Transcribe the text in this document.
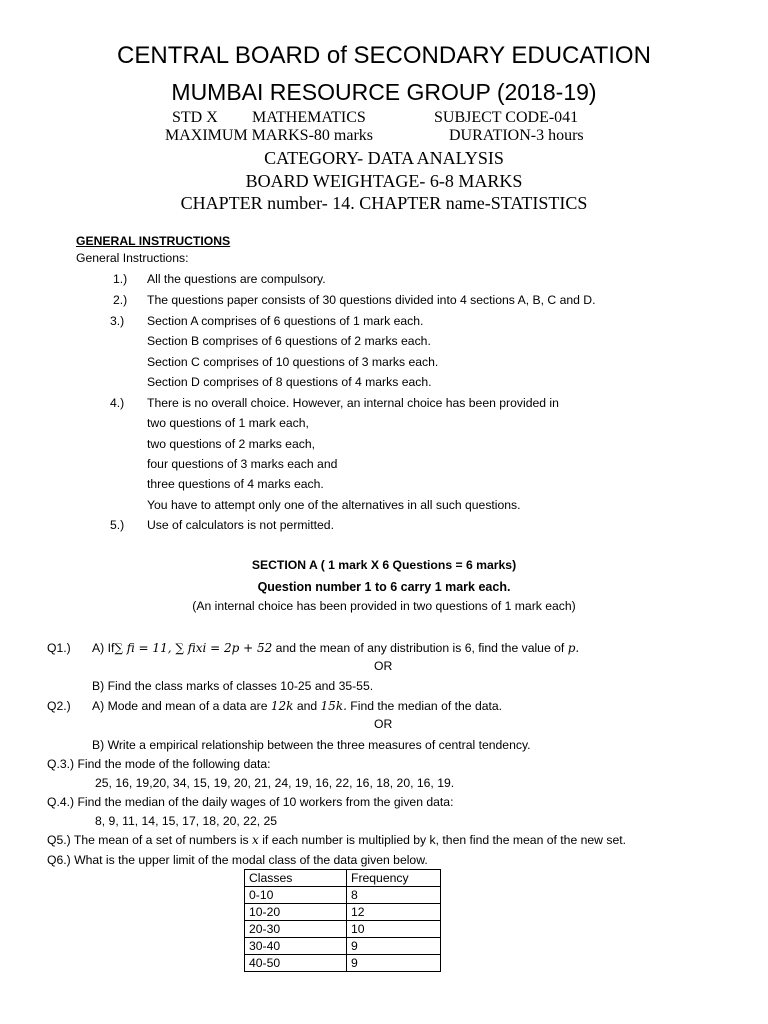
CENTRAL BOARD of SECONDARY EDUCATION
MUMBAI RESOURCE GROUP (2018-19)
STD X MATHEMATICS	SUBJECT CODE-041
MAXIMUM MARKS-80 marks	DURATION-3 hours
CATEGORY- DATA ANALYSIS
BOARD WEIGHTAGE- 6-8 MARKS
CHAPTER number- 14. CHAPTER name-STATISTICS
GENERAL INSTRUCTIONS
General Instructions:
1.) All the questions are compulsory.
2.) The questions paper consists of 30 questions divided into 4 sections A, B, C and D.
3.) Section A comprises of 6 questions of 1 mark each.
Section B comprises of 6 questions of 2 marks each.
Section C comprises of 10 questions of 3 marks each.
Section D comprises of 8 questions of 4 marks each.
4.) There is no overall choice. However, an internal choice has been provided in
two questions of 1 mark each,
two questions of 2 marks each,
four questions of 3 marks each and
three questions of 4 marks each.
You have to attempt only one of the alternatives in all such questions.
5.) Use of calculators is not permitted.
SECTION A ( 1 mark X 6 Questions = 6 marks)
Question number 1 to 6 carry 1 mark each.
(An internal choice has been provided in two questions of 1 mark each)
Q1.) A) If∑ fi = 11, ∑ fixi = 2p + 52 and the mean of any distribution is 6, find the value of p.
OR
B) Find the class marks of classes 10-25 and 35-55.
Q2.) A) Mode and mean of a data are 12k and 15k. Find the median of the data.
OR
B) Write a empirical relationship between the three measures of central tendency.
Q.3.) Find the mode of the following data:
25, 16, 19,20, 34, 15, 19, 20, 21, 24, 19, 16, 22, 16, 18, 20, 16, 19.
Q.4.) Find the median of the daily wages of 10 workers from the given data:
8, 9, 11, 14, 15, 17, 18, 20, 22, 25
Q5.) The mean of a set of numbers is x if each number is multiplied by k, then find the mean of the new set.
Q6.) What is the upper limit of the modal class of the data given below.
Classes	Frequency
0-10	8
10-20	12
20-30	10
30-40	9
40-50	9
